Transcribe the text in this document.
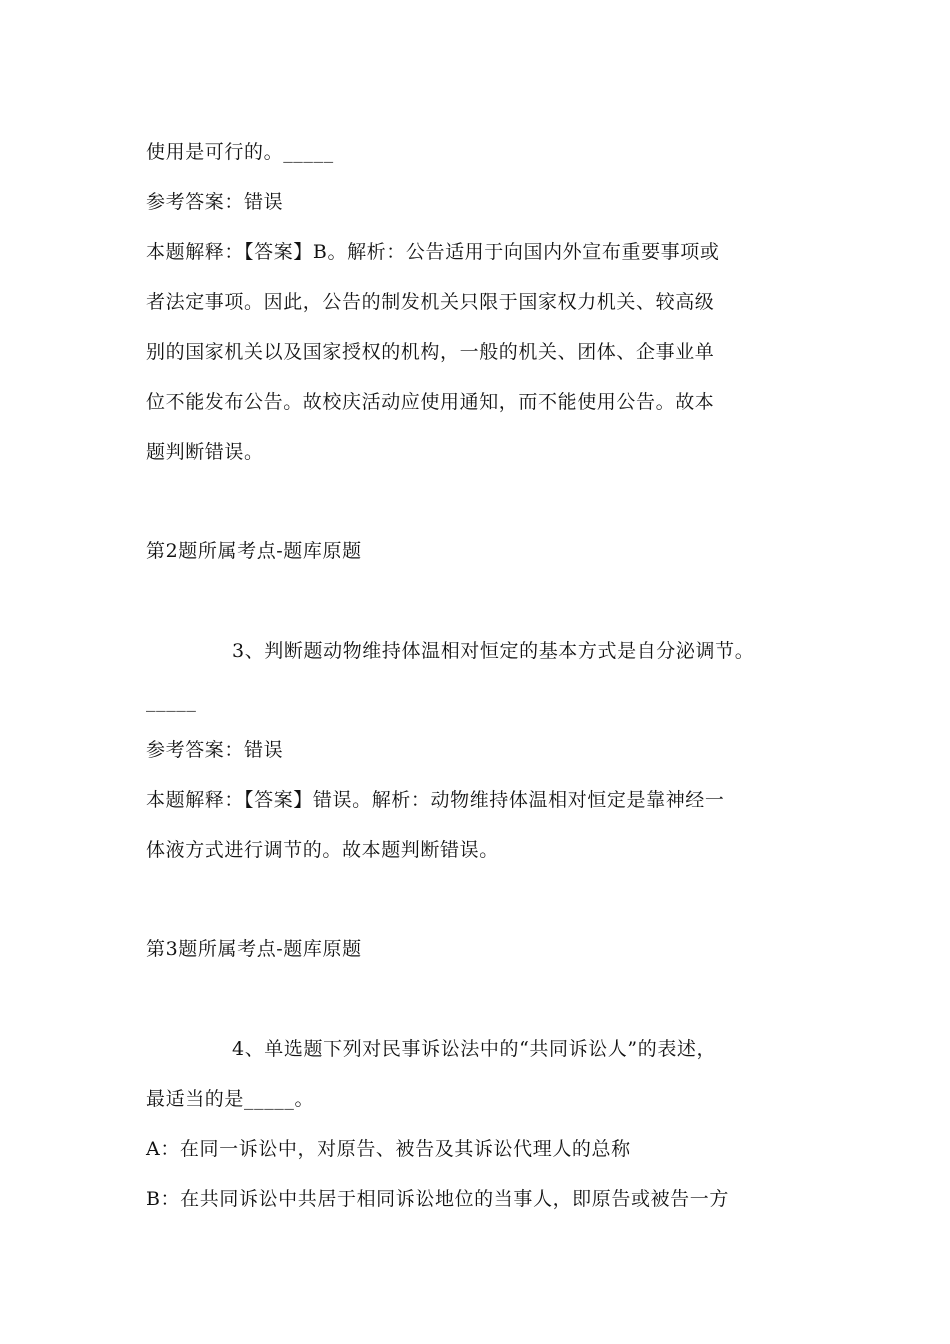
使用是可行的。_____
参考答案：错误
本题解释：【答案】B。解析：公告适用于向国内外宣布重要事项或
者法定事项。因此，公告的制发机关只限于国家权力机关、较高级
别的国家机关以及国家授权的机构，一般的机关、团体、企事业单
位不能发布公告。故校庆活动应使用通知，而不能使用公告。故本
题判断错误。
第2题所属考点-题库原题
3、判断题动物维持体温相对恒定的基本方式是自分泌调节。
_____
参考答案：错误
本题解释：【答案】错误。解析：动物维持体温相对恒定是靠神经一
体液方式进行调节的。故本题判断错误。
第3题所属考点-题库原题
4、单选题下列对民事诉讼法中的“共同诉讼人”的表述，
最适当的是_____。
A：在同一诉讼中，对原告、被告及其诉讼代理人的总称
B：在共同诉讼中共居于相同诉讼地位的当事人，即原告或被告一方
